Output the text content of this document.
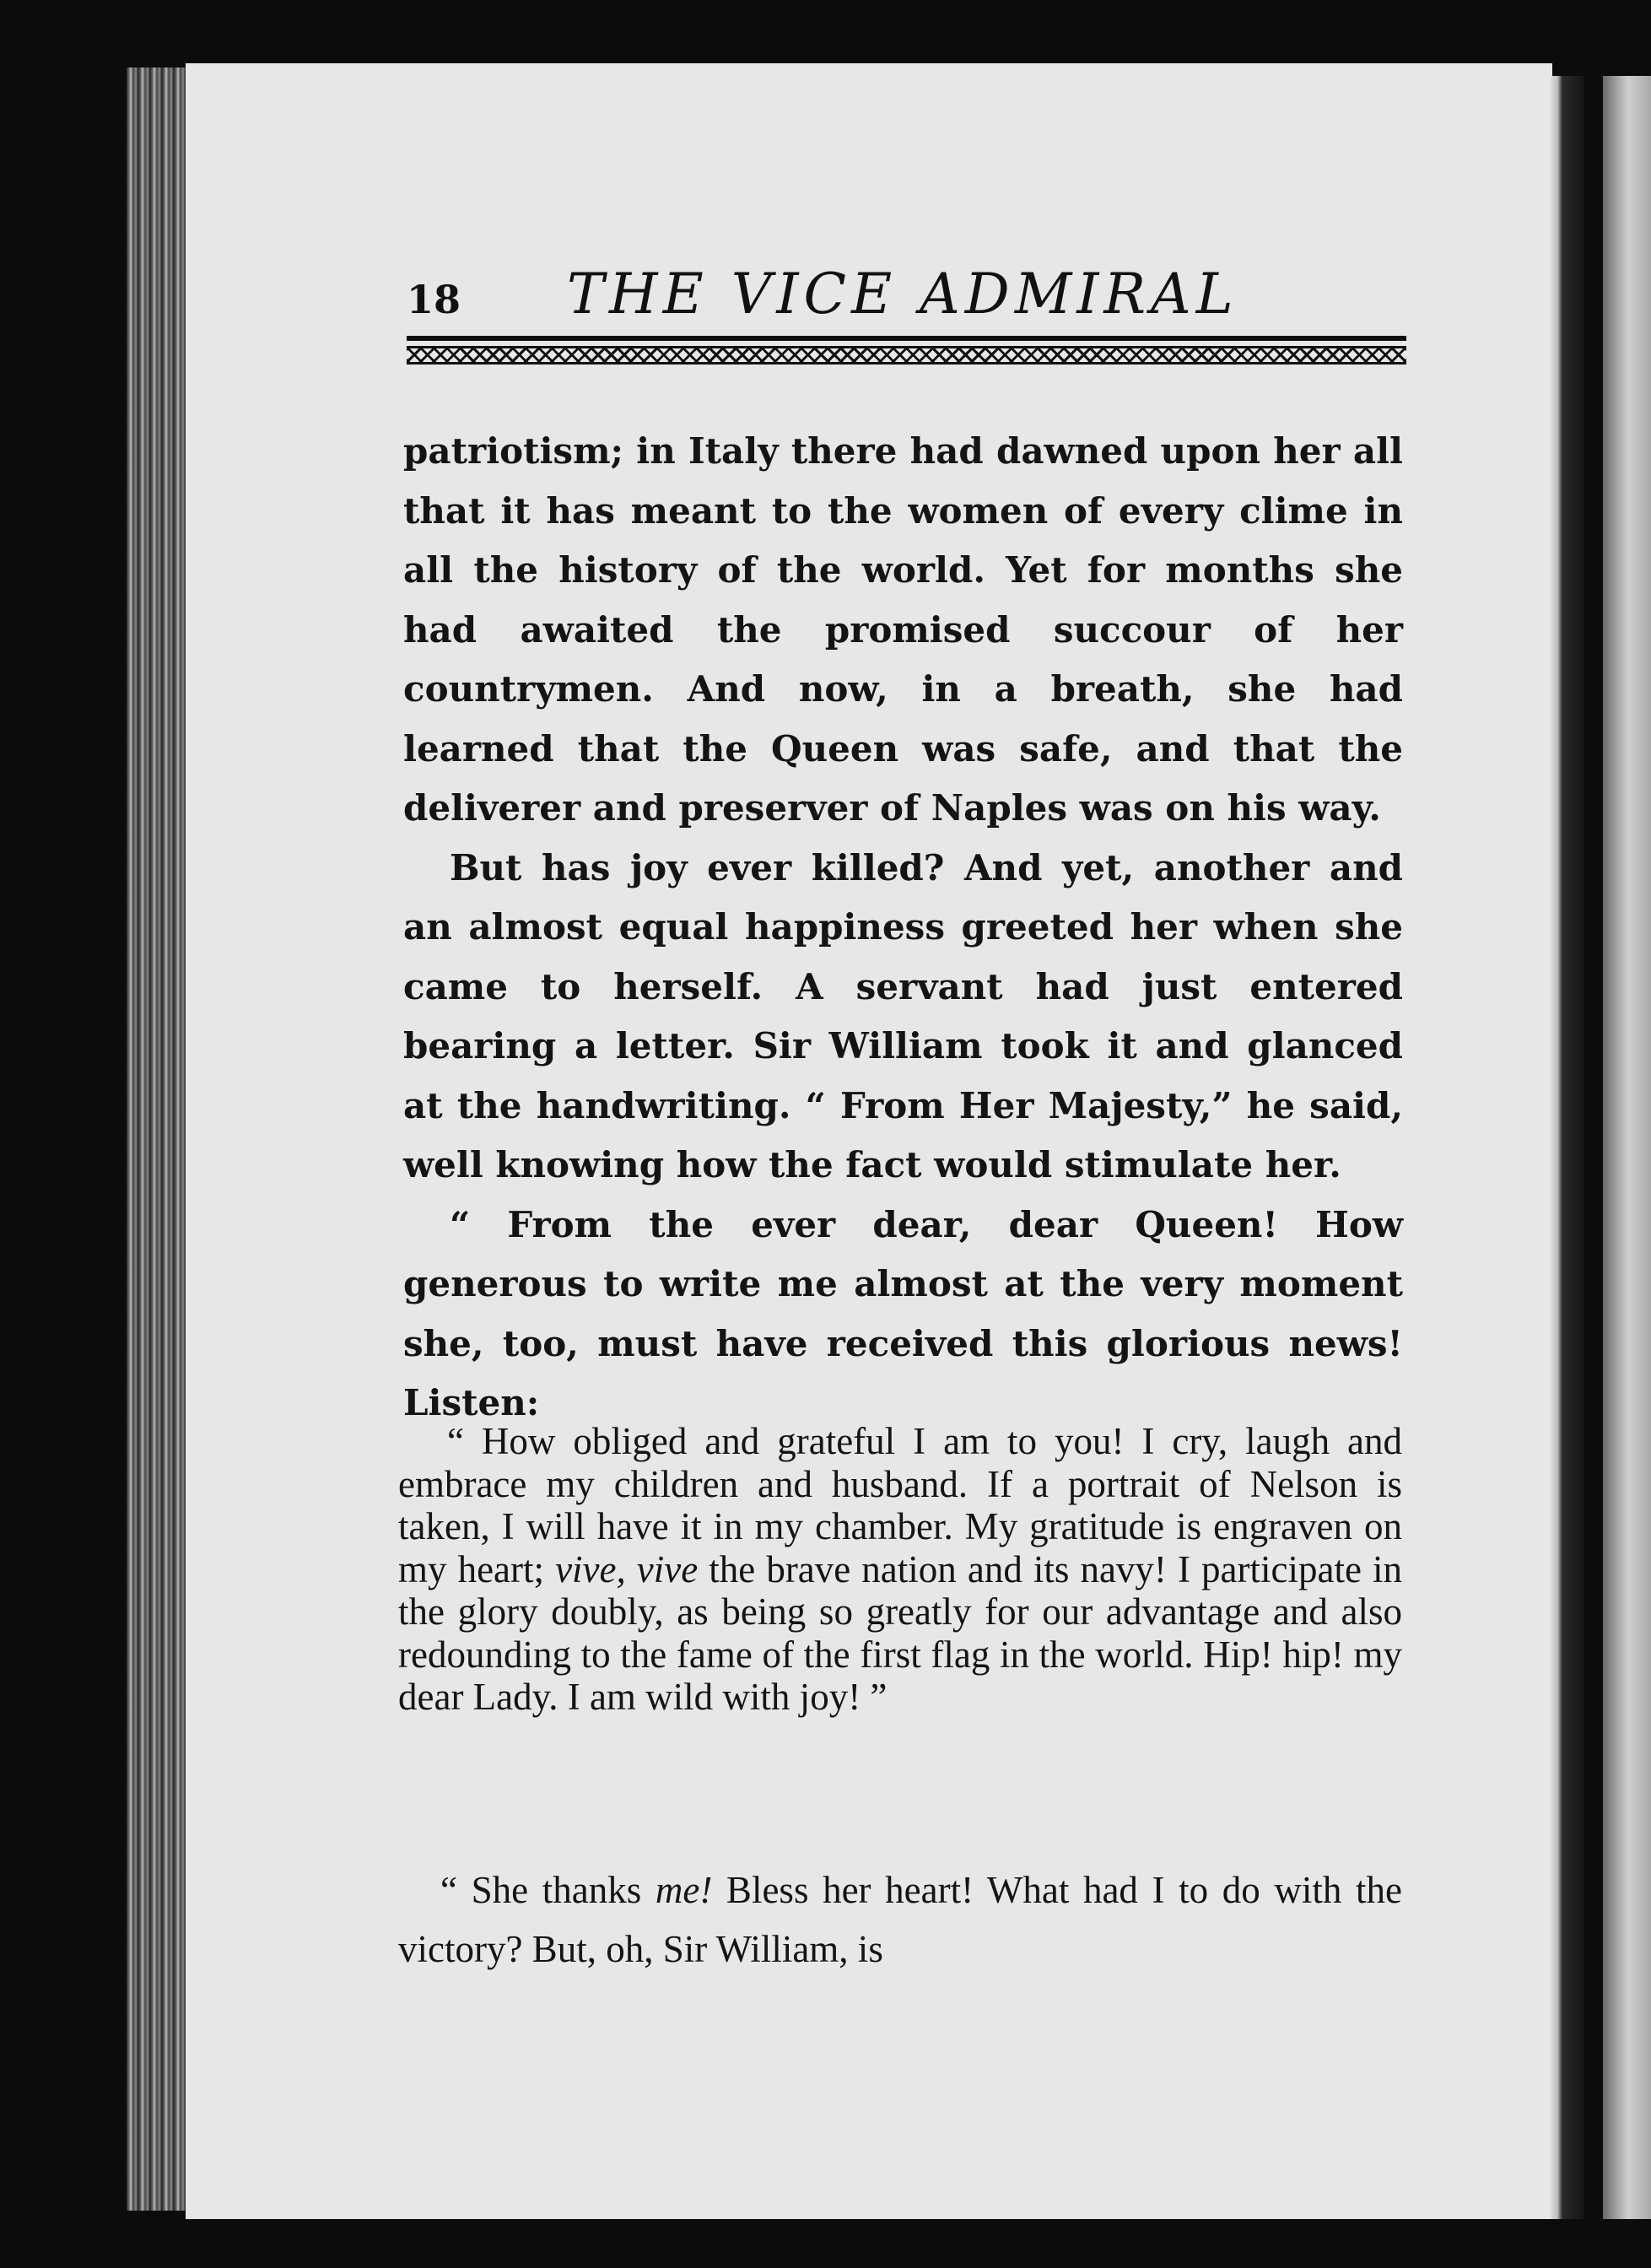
18 THE VICE ADMIRAL

patriotism; in Italy there had dawned upon her all that it has meant to the women of every clime in all the history of the world. Yet for months she had awaited the promised succour of her countrymen. And now, in a breath, she had learned that the Queen was safe, and that the deliverer and preserver of Naples was on his way.

But has joy ever killed? And yet, another and an almost equal happiness greeted her when she came to herself. A servant had just entered bearing a letter. Sir William took it and glanced at the handwriting. “ From Her Majesty,” he said, well knowing how the fact would stimulate her.

“ From the ever dear, dear Queen! How generous to write me almost at the very moment she, too, must have received this glorious news! Listen:

“ How obliged and grateful I am to you! I cry, laugh and embrace my children and husband. If a portrait of Nelson is taken, I will have it in my chamber. My gratitude is engraven on my heart; vive, vive the brave nation and its navy! I participate in the glory doubly, as being so greatly for our advantage and also redounding to the fame of the first flag in the world. Hip! hip! my dear Lady. I am wild with joy! ”

“ She thanks me! Bless her heart! What had I to do with the victory? But, oh, Sir William, is
